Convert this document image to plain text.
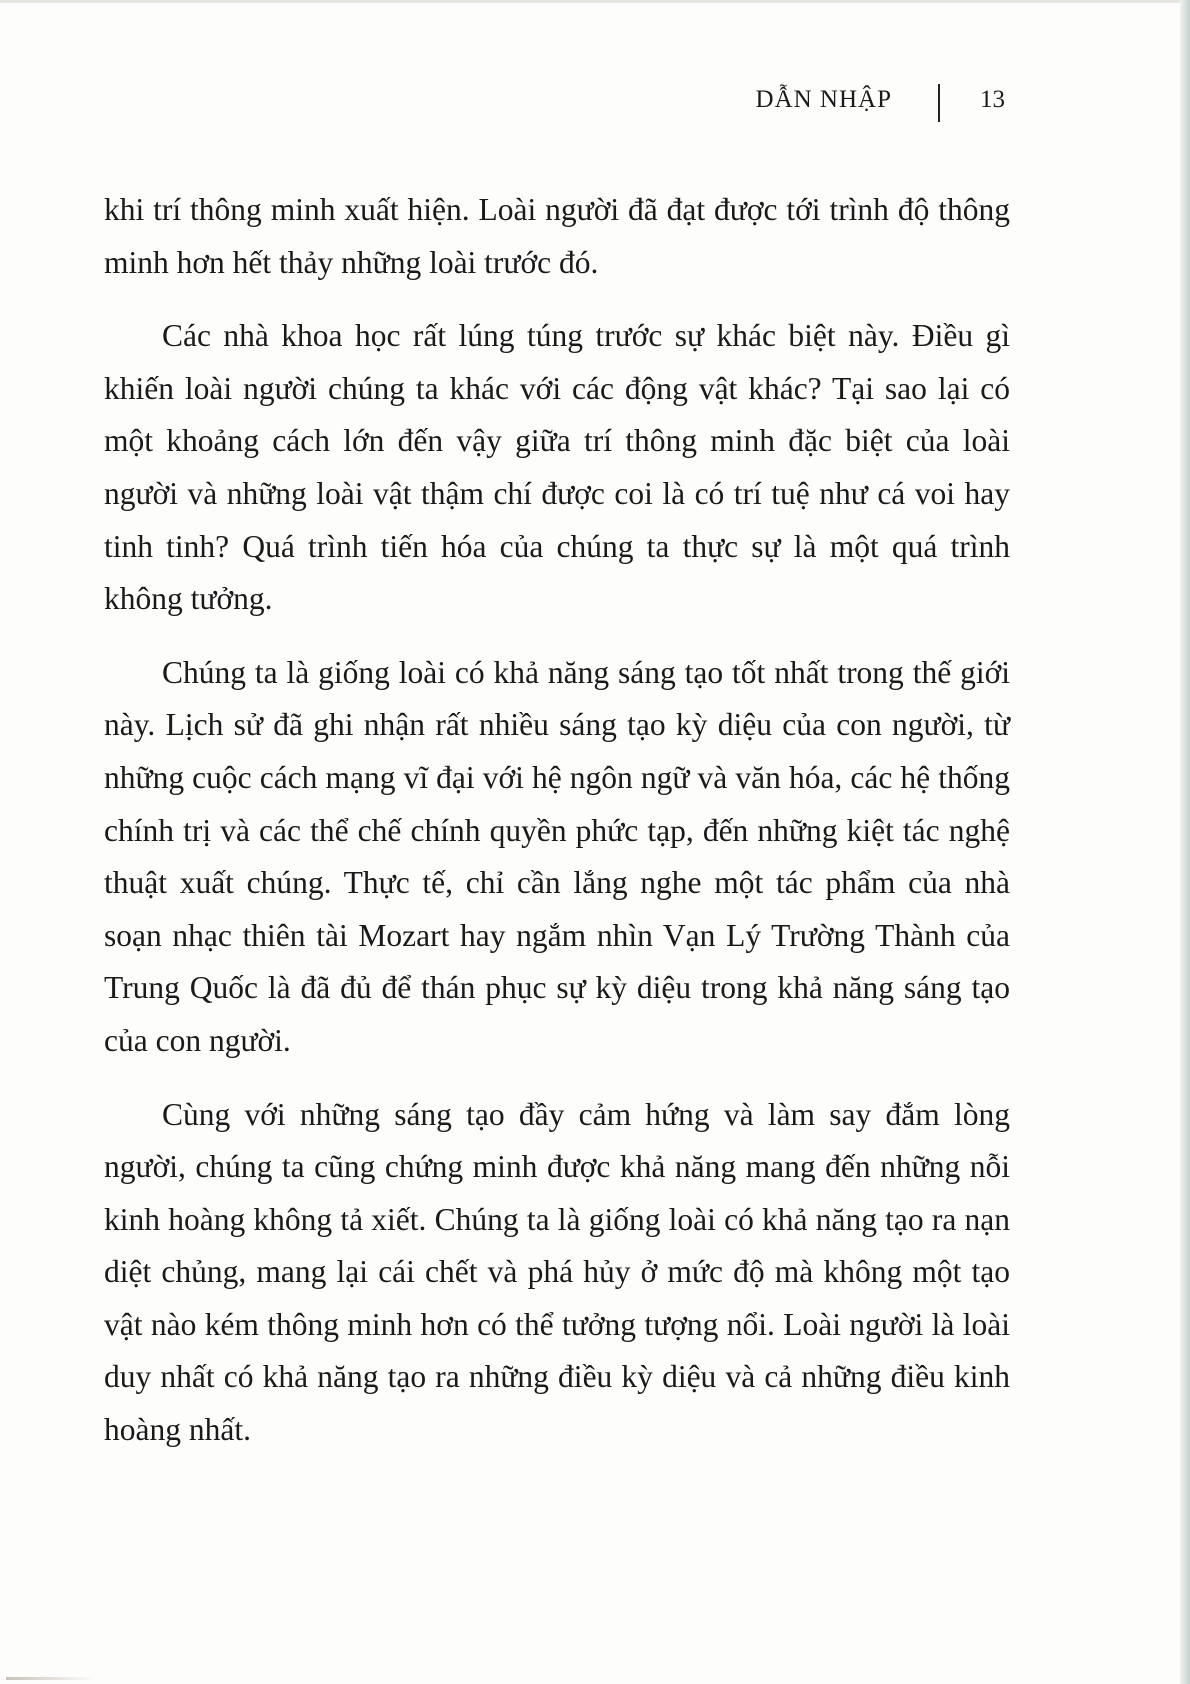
DẪN NHẬP	13

khi trí thông minh xuất hiện. Loài người đã đạt được tới trình độ thông minh hơn hết thảy những loài trước đó.

Các nhà khoa học rất lúng túng trước sự khác biệt này. Điều gì khiến loài người chúng ta khác với các động vật khác? Tại sao lại có một khoảng cách lớn đến vậy giữa trí thông minh đặc biệt của loài người và những loài vật thậm chí được coi là có trí tuệ như cá voi hay tinh tinh? Quá trình tiến hóa của chúng ta thực sự là một quá trình không tưởng.

Chúng ta là giống loài có khả năng sáng tạo tốt nhất trong thế giới này. Lịch sử đã ghi nhận rất nhiều sáng tạo kỳ diệu của con người, từ những cuộc cách mạng vĩ đại với hệ ngôn ngữ và văn hóa, các hệ thống chính trị và các thể chế chính quyền phức tạp, đến những kiệt tác nghệ thuật xuất chúng. Thực tế, chỉ cần lắng nghe một tác phẩm của nhà soạn nhạc thiên tài Mozart hay ngắm nhìn Vạn Lý Trường Thành của Trung Quốc là đã đủ để thán phục sự kỳ diệu trong khả năng sáng tạo của con người.

Cùng với những sáng tạo đầy cảm hứng và làm say đắm lòng người, chúng ta cũng chứng minh được khả năng mang đến những nỗi kinh hoàng không tả xiết. Chúng ta là giống loài có khả năng tạo ra nạn diệt chủng, mang lại cái chết và phá hủy ở mức độ mà không một tạo vật nào kém thông minh hơn có thể tưởng tượng nổi. Loài người là loài duy nhất có khả năng tạo ra những điều kỳ diệu và cả những điều kinh hoàng nhất.
